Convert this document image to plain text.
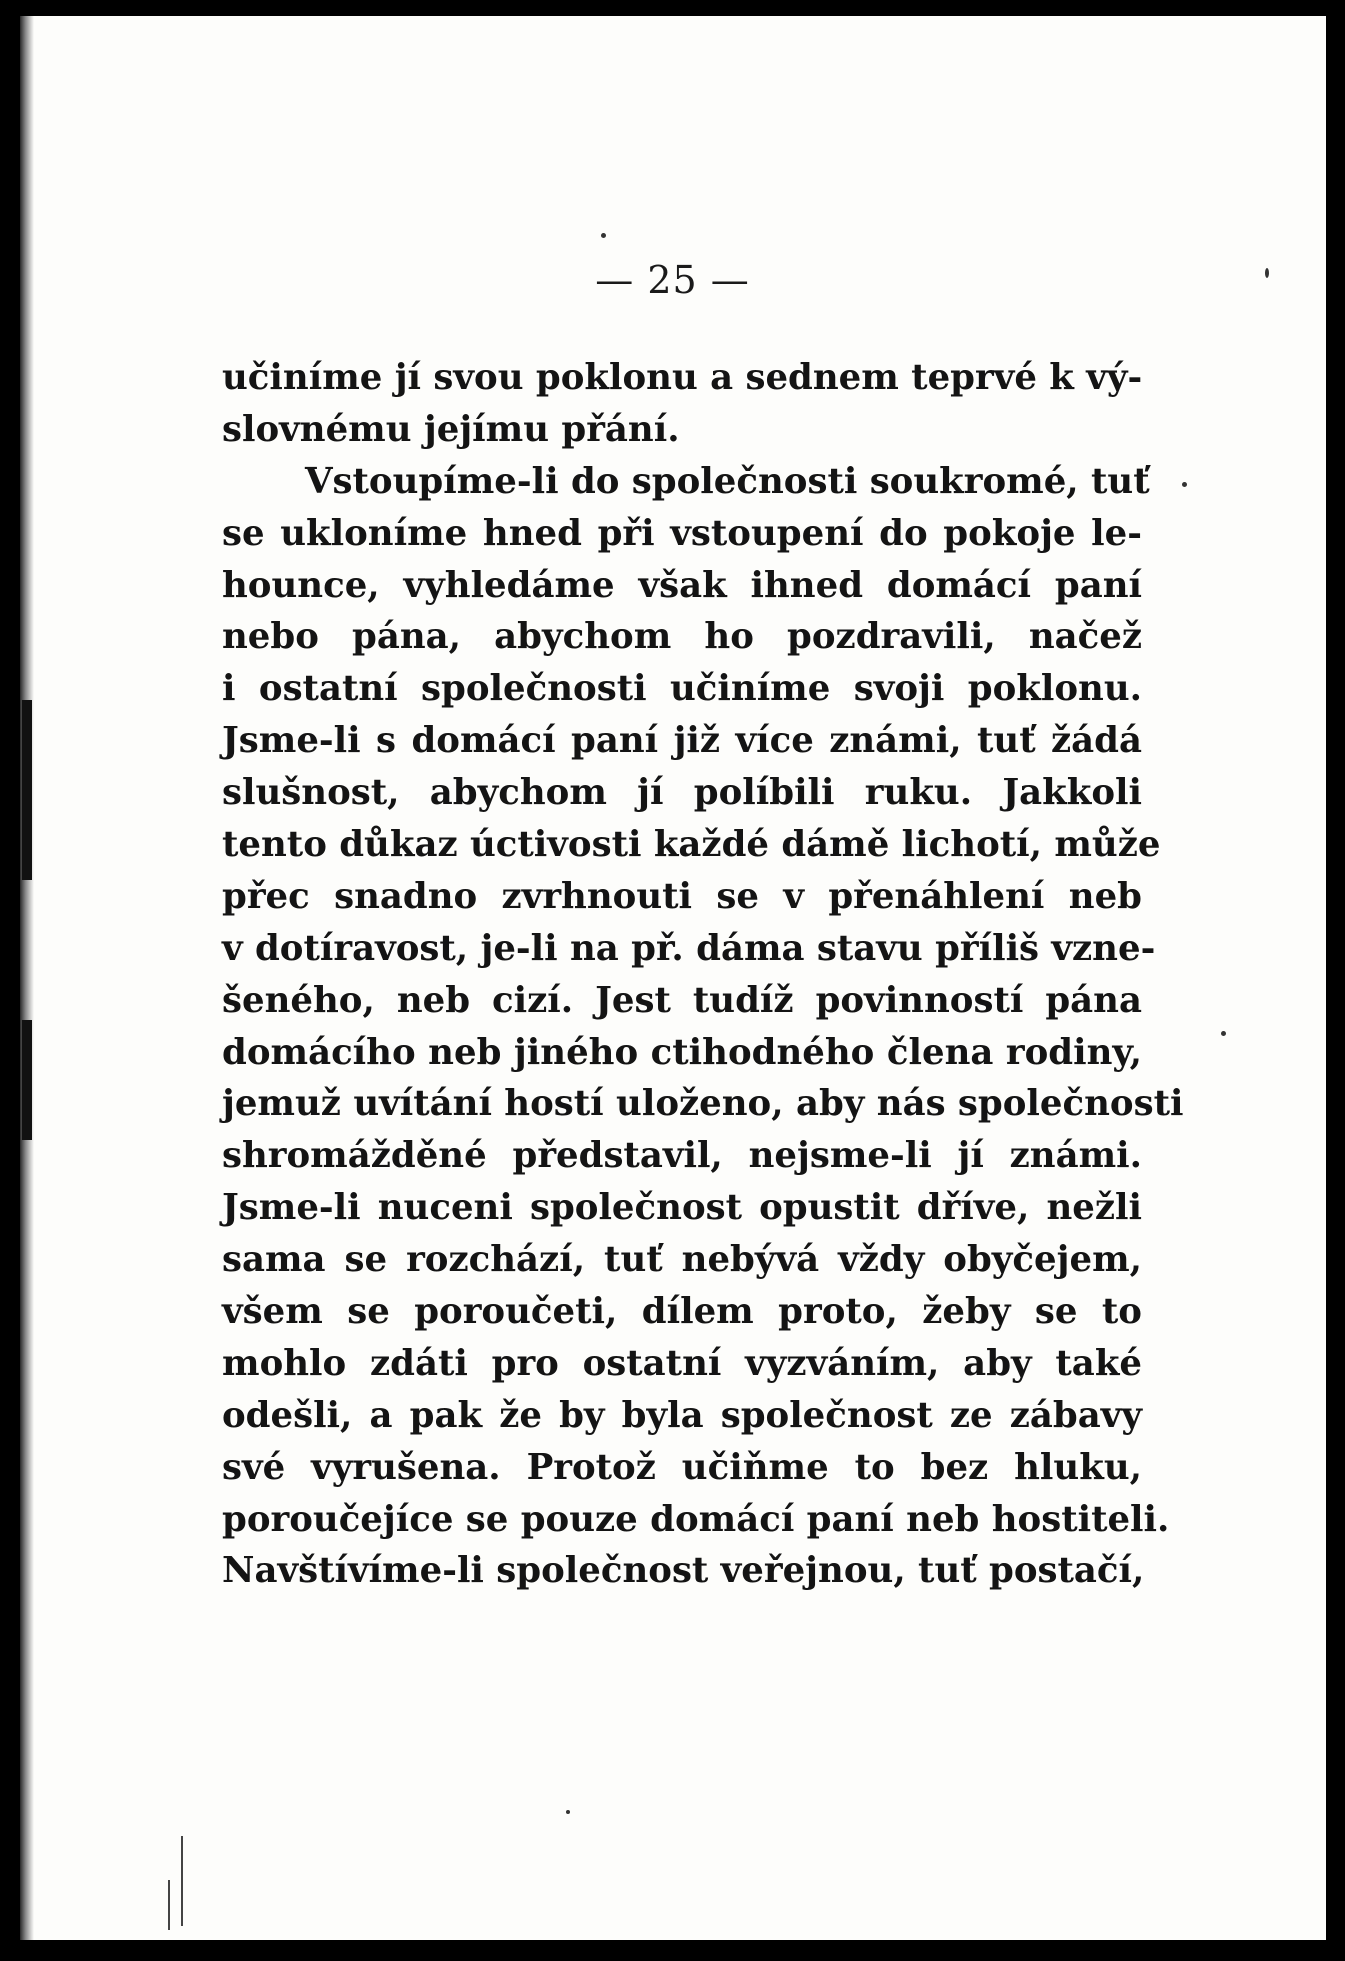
— 25 —
učiníme jí svou poklonu a sednem teprvé k vý-
slovnému jejímu přání.
Vstoupíme-li do společnosti soukromé, tuť
se ukloníme hned při vstoupení do pokoje le-
hounce, vyhledáme však ihned domácí paní
nebo pána, abychom ho pozdravili, načež
i ostatní společnosti učiníme svoji poklonu.
Jsme-li s domácí paní již více známi, tuť žádá
slušnost, abychom jí políbili ruku. Jakkoli
tento důkaz úctivosti každé dámě lichotí, může
přec snadno zvrhnouti se v přenáhlení neb
v dotíravost, je-li na př. dáma stavu příliš vzne-
šeného, neb cizí. Jest tudíž povinností pána
domácího neb jiného ctihodného člena rodiny,
jemuž uvítání hostí uloženo, aby nás společnosti
shromážděné představil, nejsme-li jí známi.
Jsme-li nuceni společnost opustit dříve, nežli
sama se rozchází, tuť nebývá vždy obyčejem,
všem se poroučeti, dílem proto, žeby se to
mohlo zdáti pro ostatní vyzváním, aby také
odešli, a pak že by byla společnost ze zábavy
své vyrušena. Protož učiňme to bez hluku,
poroučejíce se pouze domácí paní neb hostiteli.
Navštívíme-li společnost veřejnou, tuť postačí,
